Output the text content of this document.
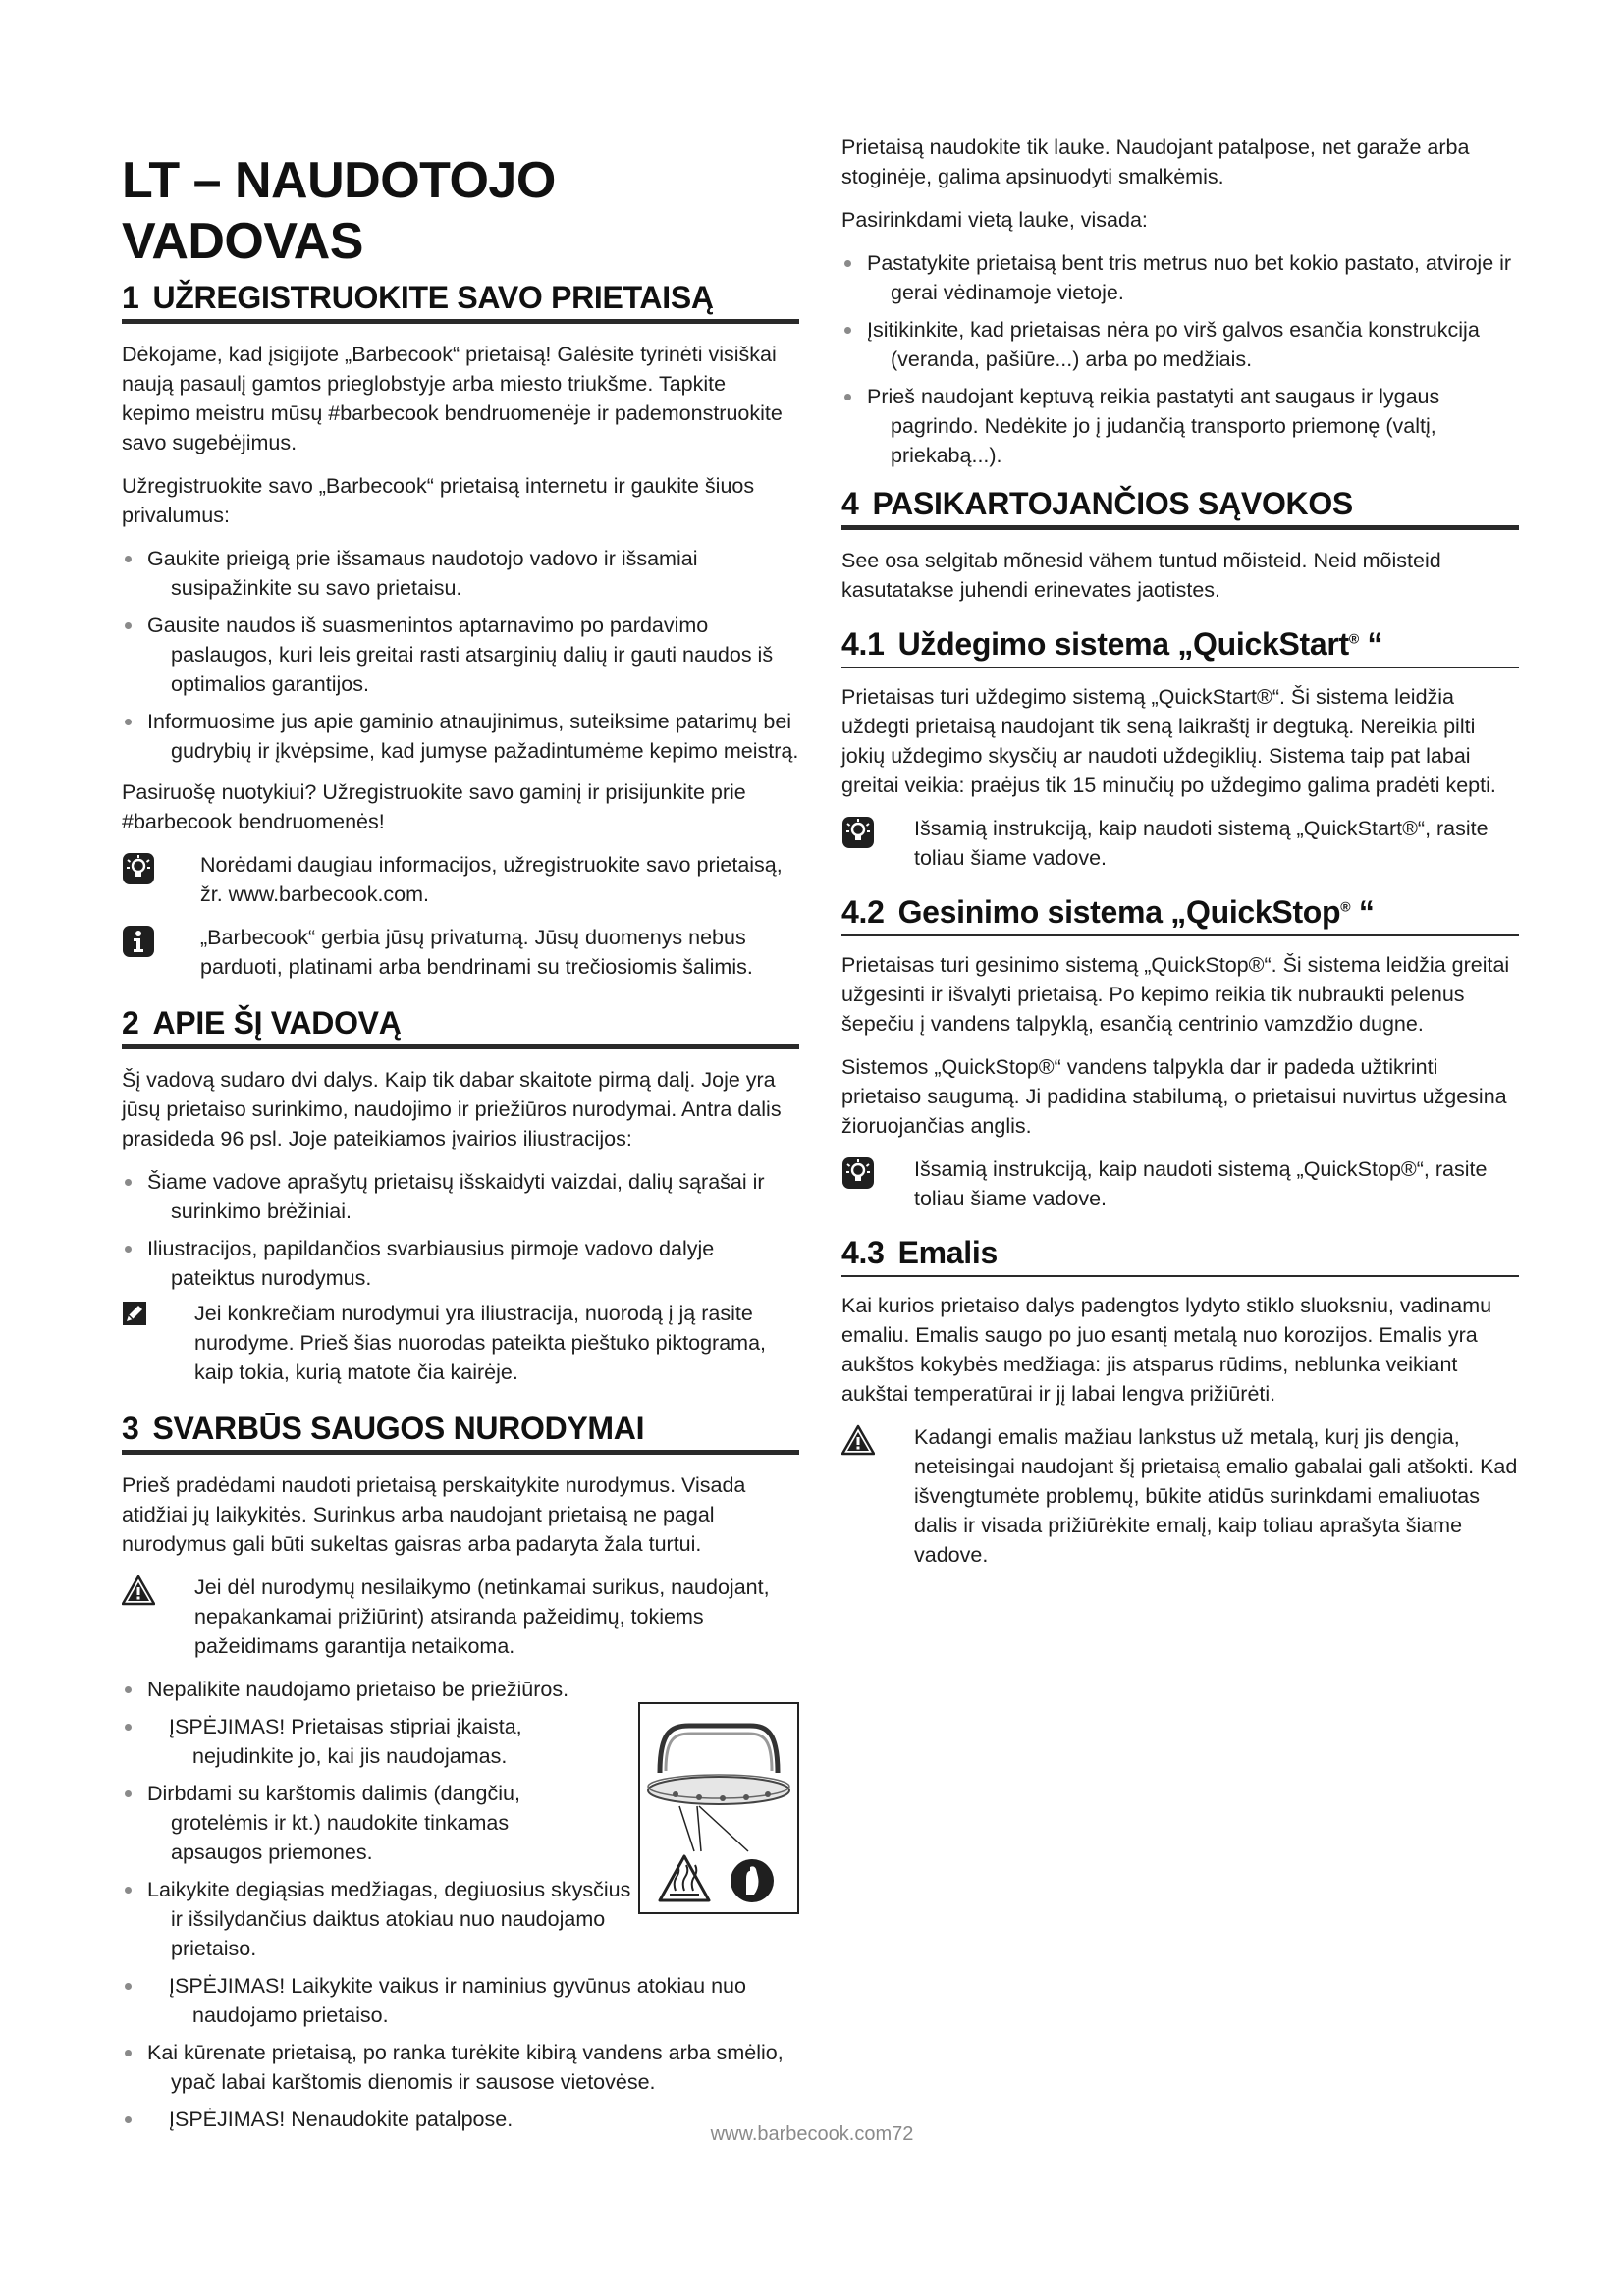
LT – NAUDOTOJO VADOVAS
1 UŽREGISTRUOKITE SAVO PRIETAISĄ

Dėkojame, kad įsigijote „Barbecook“ prietaisą! Galėsite tyrinėti visiškai naują pasaulį gamtos prieglobstyje arba miesto triukšme. Tapkite kepimo meistru mūsų #barbecook bendruomenėje ir pademonstruokite savo sugebėjimus.

Užregistruokite savo „Barbecook“ prietaisą internetu ir gaukite šiuos privalumus:

Gaukite prieigą prie išsamaus naudotojo vadovo ir išsamiai susipažinkite su savo prietaisu.
Gausite naudos iš suasmenintos aptarnavimo po pardavimo paslaugos, kuri leis greitai rasti atsarginių dalių ir gauti naudos iš optimalios garantijos.
Informuosime jus apie gaminio atnaujinimus, suteiksime patarimų bei gudrybių ir įkvėpsime, kad jumyse pažadintumėme kepimo meistrą.

Pasiruošę nuotykiui? Užregistruokite savo gaminį ir prisijunkite prie #barbecook bendruomenės!

Norėdami daugiau informacijos, užregistruokite savo prietaisą, žr. www.barbecook.com.

„Barbecook“ gerbia jūsų privatumą. Jūsų duomenys nebus parduoti, platinami arba bendrinami su trečiosiomis šalimis.

2 APIE ŠĮ VADOVĄ

Šį vadovą sudaro dvi dalys. Kaip tik dabar skaitote pirmą dalį. Joje yra jūsų prietaiso surinkimo, naudojimo ir priežiūros nurodymai. Antra dalis prasideda 96 psl. Joje pateikiamos įvairios iliustracijos:

Šiame vadove aprašytų prietaisų išskaidyti vaizdai, dalių sąrašai ir surinkimo brėžiniai.
Iliustracijos, papildančios svarbiausius pirmoje vadovo dalyje pateiktus nurodymus.

Jei konkrečiam nurodymui yra iliustracija, nuorodą į ją rasite nurodyme. Prieš šias nuorodas pateikta pieštuko piktograma, kaip tokia, kurią matote čia kairėje.

3 SVARBŪS SAUGOS NURODYMAI

Prieš pradėdami naudoti prietaisą perskaitykite nurodymus. Visada atidžiai jų laikykitės. Surinkus arba naudojant prietaisą ne pagal nurodymus gali būti sukeltas gaisras arba padaryta žala turtui.

Jei dėl nurodymų nesilaikymo (netinkamai surikus, naudojant, nepakankamai prižiūrint) atsiranda pažeidimų, tokiems pažeidimams garantija netaikoma.

Nepalikite naudojamo prietaiso be priežiūros.
ĮSPĖJIMAS! Prietaisas stipriai įkaista, nejudinkite jo, kai jis naudojamas.
Dirbdami su karštomis dalimis (dangčiu, grotelėmis ir kt.) naudokite tinkamas apsaugos priemones.
Laikykite degiąsias medžiagas, degiuosius skysčius ir išsilydančius daiktus atokiau nuo naudojamo prietaiso.
ĮSPĖJIMAS! Laikykite vaikus ir naminius gyvūnus atokiau nuo naudojamo prietaiso.
Kai kūrenate prietaisą, po ranka turėkite kibirą vandens arba smėlio, ypač labai karštomis dienomis ir sausose vietovėse.
ĮSPĖJIMAS! Nenaudokite patalpose.

Prietaisą naudokite tik lauke. Naudojant patalpose, net garaže arba stoginėje, galima apsinuodyti smalkėmis.

Pasirinkdami vietą lauke, visada:

Pastatykite prietaisą bent tris metrus nuo bet kokio pastato, atviroje ir gerai vėdinamoje vietoje.
Įsitikinkite, kad prietaisas nėra po virš galvos esančia konstrukcija (veranda, pašiūre...) arba po medžiais.
Prieš naudojant keptuvą reikia pastatyti ant saugaus ir lygaus pagrindo. Nedėkite jo į judančią transporto priemonę (valtį, priekabą...).
4 PASIKARTOJANČIOS SĄVOKOS

See osa selgitab mõnesid vähem tuntud mõisteid. Neid mõisteid kasutatakse juhendi erinevates jaotistes.

4.1 Uždegimo sistema „QuickStart® “

Prietaisas turi uždegimo sistemą „QuickStart®“. Ši sistema leidžia uždegti prietaisą naudojant tik seną laikraštį ir degtuką. Nereikia pilti jokių uždegimo skysčių ar naudoti uždegiklių. Sistema taip pat labai greitai veikia: praėjus tik 15 minučių po uždegimo galima pradėti kepti.

Išsamią instrukciją, kaip naudoti sistemą „QuickStart®“, rasite toliau šiame vadove.

4.2 Gesinimo sistema „QuickStop® “

Prietaisas turi gesinimo sistemą „QuickStop®“. Ši sistema leidžia greitai užgesinti ir išvalyti prietaisą. Po kepimo reikia tik nubraukti pelenus šepečiu į vandens talpyklą, esančią centrinio vamzdžio dugne.

Sistemos „QuickStop®“ vandens talpykla dar ir padeda užtikrinti prietaiso saugumą. Ji padidina stabilumą, o prietaisui nuvirtus užgesina žioruojančias anglis.

Išsamią instrukciją, kaip naudoti sistemą „QuickStop®“, rasite toliau šiame vadove.

4.3 Emalis

Kai kurios prietaiso dalys padengtos lydyto stiklo sluoksniu, vadinamu emaliu. Emalis saugo po juo esantį metalą nuo korozijos. Emalis yra aukštos kokybės medžiaga: jis atsparus rūdims, neblunka veikiant aukštai temperatūrai ir jį labai lengva prižiūrėti.

Kadangi emalis mažiau lankstus už metalą, kurį jis dengia, neteisingai naudojant šį prietaisą emalio gabalai gali atšokti. Kad išvengtumėte problemų, būkite atidūs surinkdami emaliuotas dalis ir visada prižiūrėkite emalį, kaip toliau aprašyta šiame vadove.

www.barbecook.com72
